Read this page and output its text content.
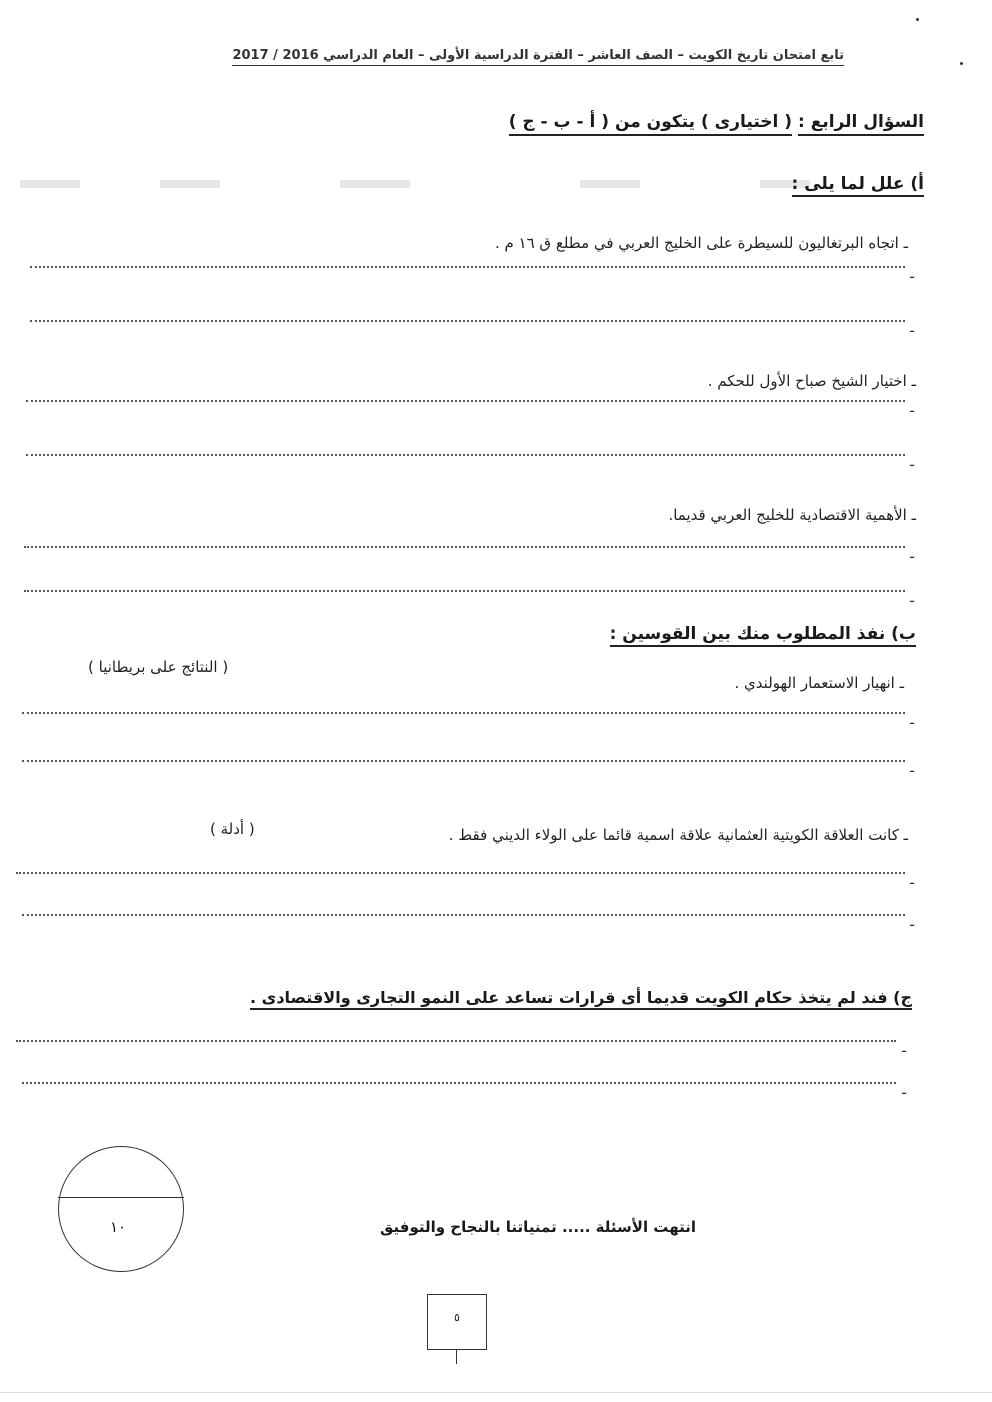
تابع امتحان تاريخ الكويت – الصف العاشر – الفترة الدراسية الأولى – العام الدراسي 2016 / 2017
السؤال الرابع : ( اختيارى ) يتكون من ( أ - ب - ج )
أ) علل لما يلى :
ـ اتجاه البرتغاليون للسيطرة على الخليج العربي في مطلع ق ١٦ م .
ـ
ـ
ـ اختيار الشيخ صباح الأول للحكم .
ـ
ـ
ـ الأهمية الاقتصادية للخليج العربي قديما.
ـ
ـ
ب) نفذ المطلوب منك بين القوسين :
ـ انهيار الاستعمار الهولندي .
( النتائج على بريطانيا )
ـ
ـ
ـ كانت العلاقة الكويتية العثمانية علاقة اسمية قائما على الولاء الديني فقط .
( أدلة )
ـ
ـ
ج) فند لم يتخذ حكام الكويت قديما أى قرارات تساعد على النمو التجارى والاقتصادى .
ـ
ـ
١٠	انتهت الأسئلة ..... تمنياتنا بالنجاح والتوفيق
٥
